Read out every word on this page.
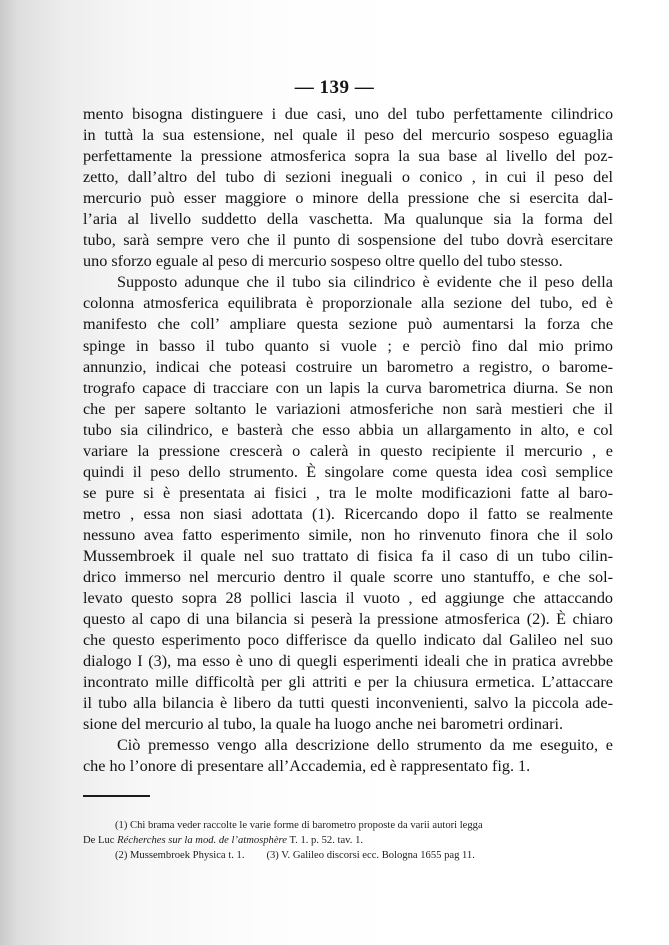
— 139 —
mento bisogna distinguere i due casi, uno del tubo perfettamente cilindrico
in tuttà la sua estensione, nel quale il peso del mercurio sospeso eguaglia
perfettamente la pressione atmosferica sopra la sua base al livello del poz-
zetto, dall’altro del tubo di sezioni ineguali o conico , in cui il peso del
mercurio può esser maggiore o minore della pressione che si esercita dal-
l’aria al livello suddetto della vaschetta. Ma qualunque sia la forma del
tubo, sarà sempre vero che il punto di sospensione del tubo dovrà esercitare
uno sforzo eguale al peso di mercurio sospeso oltre quello del tubo stesso.
Supposto adunque che il tubo sia cilindrico è evidente che il peso della
colonna atmosferica equilibrata è proporzionale alla sezione del tubo, ed è
manifesto che coll’ ampliare questa sezione può aumentarsi la forza che
spinge in basso il tubo quanto si vuole ; e perciò fino dal mio primo
annunzio, indicai che poteasi costruire un barometro a registro, o barome-
trografo capace di tracciare con un lapis la curva barometrica diurna. Se non
che per sapere soltanto le variazioni atmosferiche non sarà mestieri che il
tubo sia cilindrico, e basterà che esso abbia un allargamento in alto, e col
variare la pressione crescerà o calerà in questo recipiente il mercurio , e
quindi il peso dello strumento. È singolare come questa idea così semplice
se pure si è presentata ai fisici , tra le molte modificazioni fatte al baro-
metro , essa non siasi adottata (1). Ricercando dopo il fatto se realmente
nessuno avea fatto esperimento simile, non ho rinvenuto finora che il solo
Mussembroek il quale nel suo trattato di fisica fa il caso di un tubo cilin-
drico immerso nel mercurio dentro il quale scorre uno stantuffo, e che sol-
levato questo sopra 28 pollici lascia il vuoto , ed aggiunge che attaccando
questo al capo di una bilancia si peserà la pressione atmosferica (2). È chiaro
che questo esperimento poco differisce da quello indicato dal Galileo nel suo
dialogo I (3), ma esso è uno di quegli esperimenti ideali che in pratica avrebbe
incontrato mille difficoltà per gli attriti e per la chiusura ermetica. L’attaccare
il tubo alla bilancia è libero da tutti questi inconvenienti, salvo la piccola ade-
sione del mercurio al tubo, la quale ha luogo anche nei barometri ordinari.
Ciò premesso vengo alla descrizione dello strumento da me eseguito, e
che ho l’onore di presentare all’Accademia, ed è rappresentato fig. 1.
(1) Chi brama veder raccolte le varie forme di barometro proposte da varii autori legga
De Luc Récherches sur la mod. de l’atmosphère T. 1. p. 52. tav. 1.
(2) Mussembroek Physica t. 1. (3) V. Galileo discorsi ecc. Bologna 1655 pag 11.
